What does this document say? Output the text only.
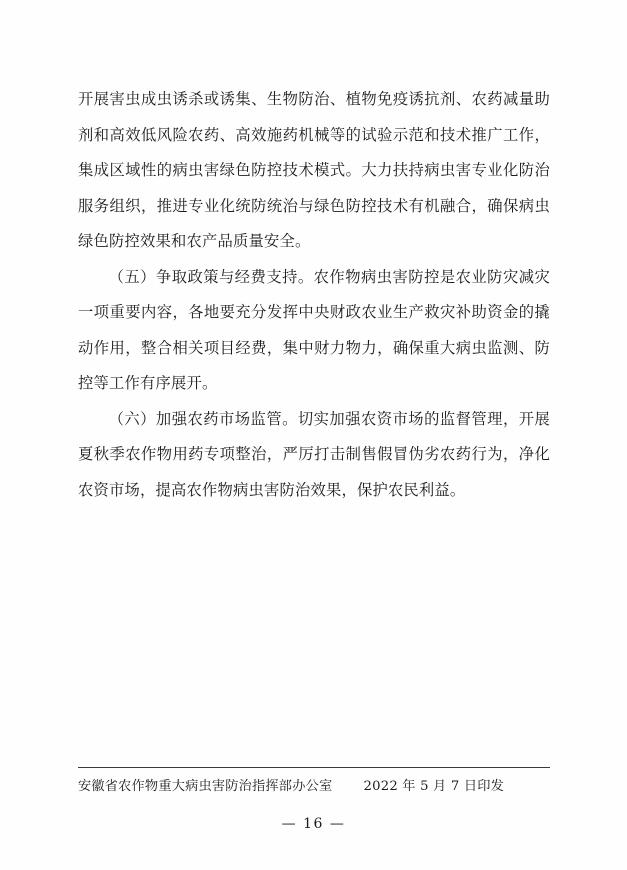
开展害虫成虫诱杀或诱集、生物防治、植物免疫诱抗剂、农药减量助剂和高效低风险农药、高效施药机械等的试验示范和技术推广工作，集成区域性的病虫害绿色防控技术模式。大力扶持病虫害专业化防治服务组织，推进专业化统防统治与绿色防控技术有机融合，确保病虫绿色防控效果和农产品质量安全。

（五）争取政策与经费支持。农作物病虫害防控是农业防灾减灾一项重要内容，各地要充分发挥中央财政农业生产救灾补助资金的撬动作用，整合相关项目经费，集中财力物力，确保重大病虫监测、防控等工作有序展开。

（六）加强农药市场监管。切实加强农资市场的监督管理，开展夏秋季农作物用药专项整治，严厉打击制售假冒伪劣农药行为，净化农资市场，提高农作物病虫害防治效果，保护农民利益。

安徽省农作物重大病虫害防治指挥部办公室 2022 年 5 月 7 日印发
— 16 —
